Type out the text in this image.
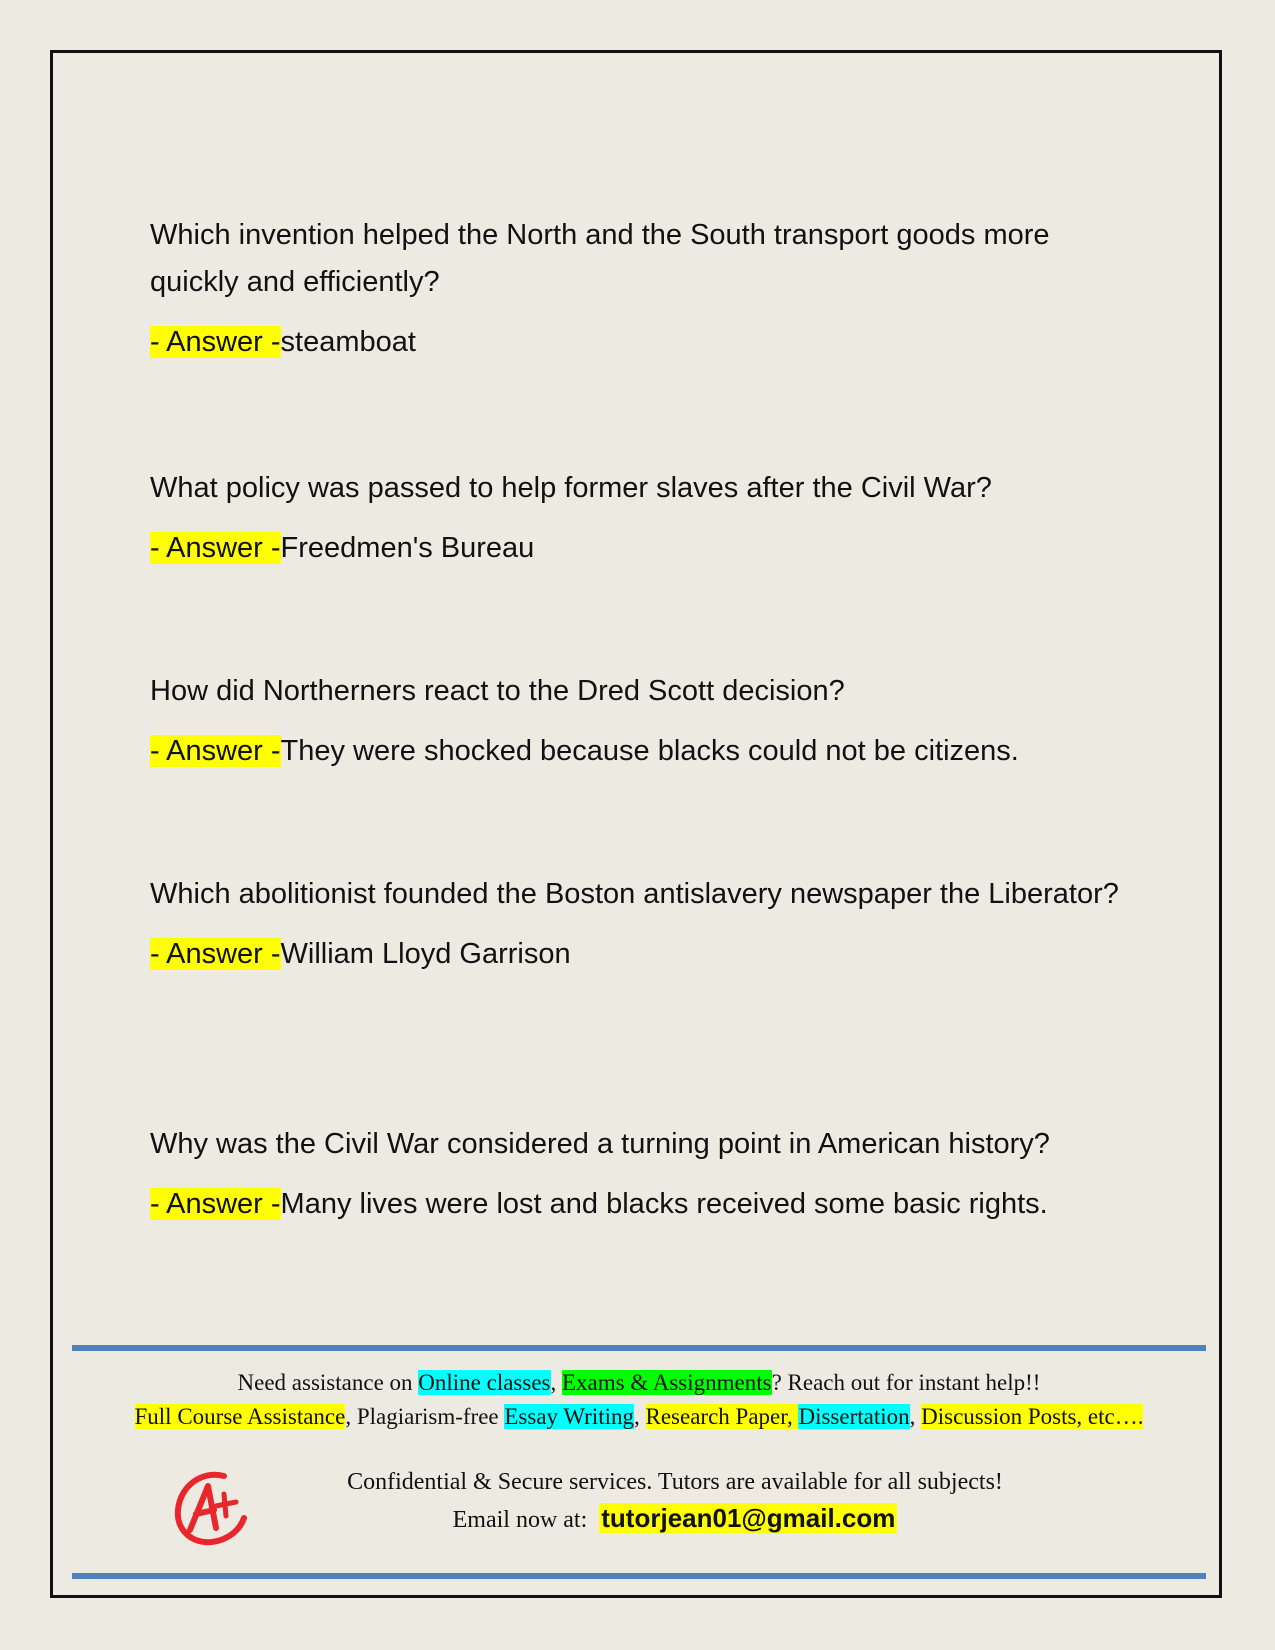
Which invention helped the North and the South transport goods more quickly and efficiently?

- Answer -steamboat

What policy was passed to help former slaves after the Civil War?

- Answer -Freedmen's Bureau

How did Northerners react to the Dred Scott decision?

- Answer -They were shocked because blacks could not be citizens.

Which abolitionist founded the Boston antislavery newspaper the Liberator?

- Answer -William Lloyd Garrison

Why was the Civil War considered a turning point in American history?

- Answer -Many lives were lost and blacks received some basic rights.
Need assistance on Online classes, Exams & Assignments? Reach out for instant help!!
Full Course Assistance, Plagiarism-free Essay Writing, Research Paper, Dissertation, Discussion Posts, etc….
Confidential & Secure services. Tutors are available for all subjects!
Email now at:  tutorjean01@gmail.com
